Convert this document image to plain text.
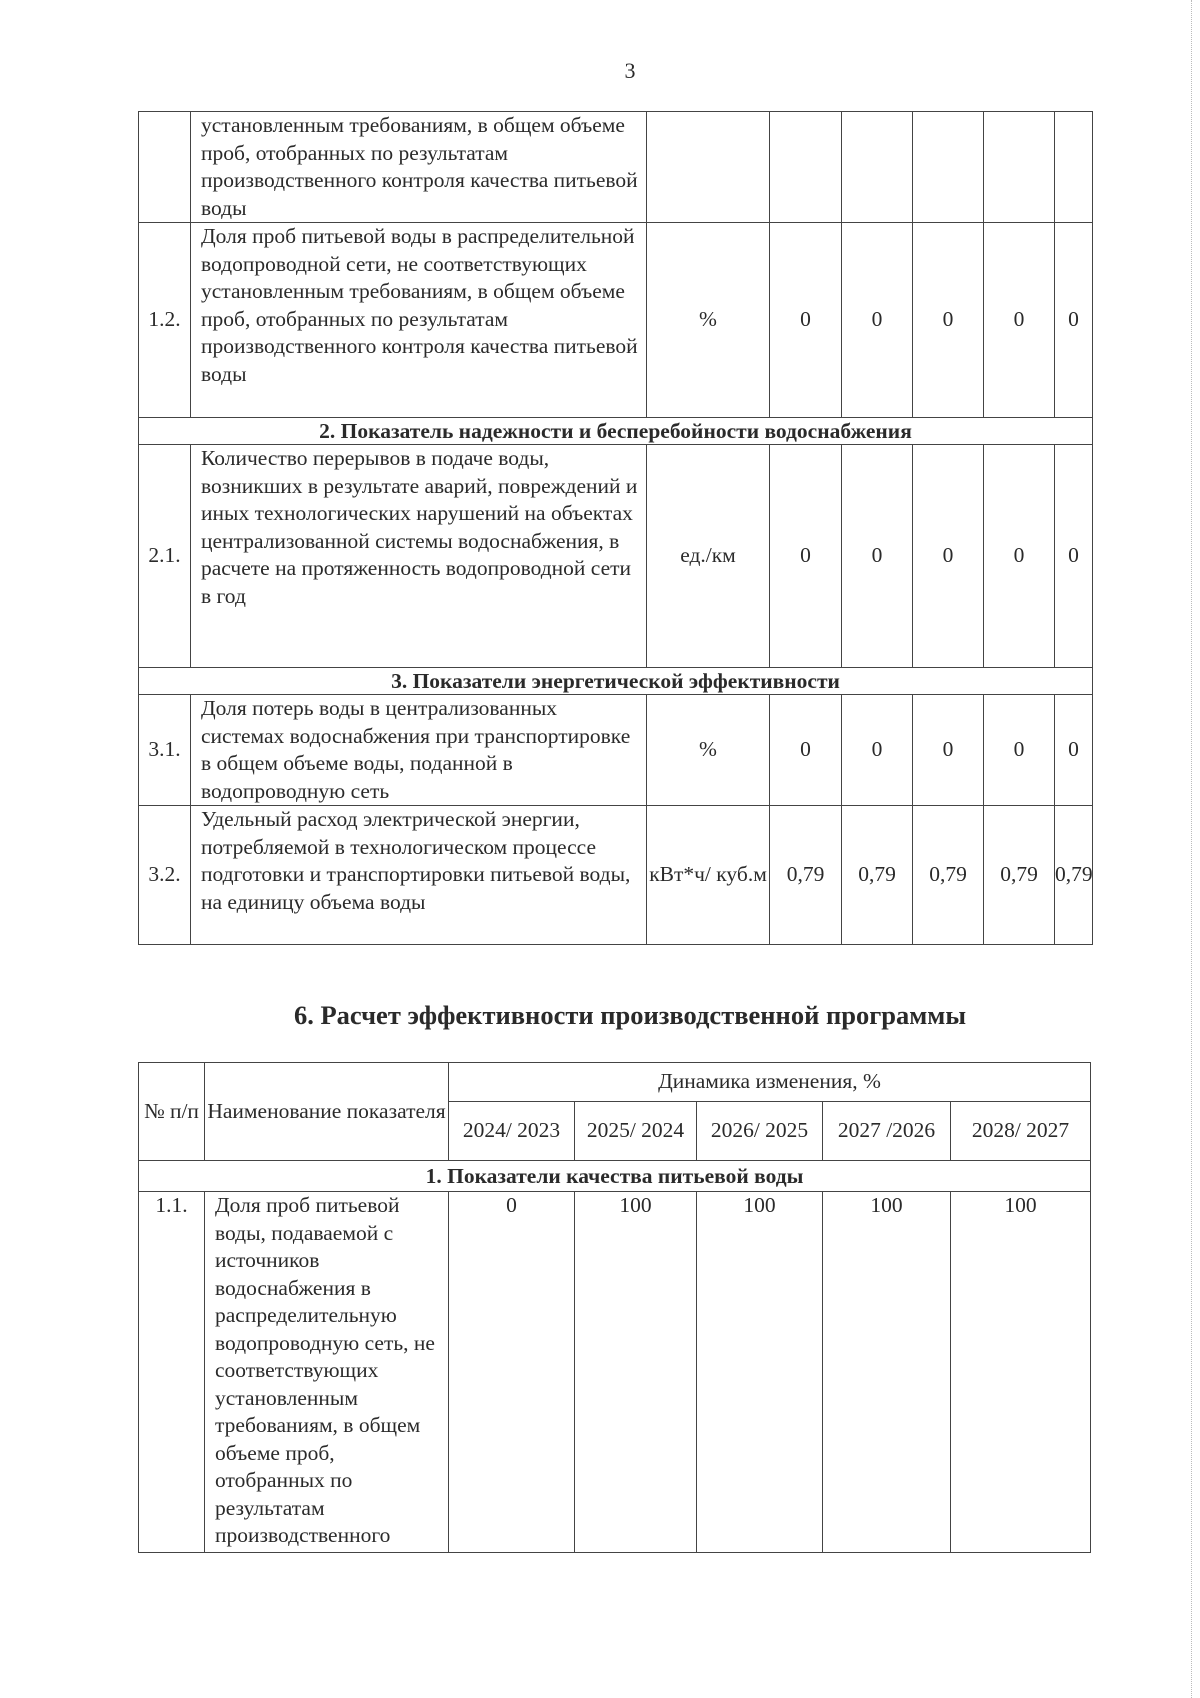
3
	установленным требованиям, в общем объеме проб, отобранных по результатам производственного контроля качества питьевой воды						
1.2.	Доля проб питьевой воды в распределительной водопроводной сети, не соответствующих установленным требованиям, в общем объеме проб, отобранных по результатам производственного контроля качества питьевой воды	%	0	0	0	0	0
2. Показатель надежности и бесперебойности водоснабжения							
2.1.	Количество перерывов в подаче воды, возникших в результате аварий, повреждений и иных технологических нарушений на объектах централизованной системы водоснабжения, в расчете на протяженность водопроводной сети в год	ед./км	0	0	0	0	0
3. Показатели энергетической эффективности							
3.1.	Доля потерь воды в централизованных системах водоснабжения при транспортировке в общем объеме воды, поданной в водопроводную сеть	%	0	0	0	0	0
3.2.	Удельный расход электрической энергии, потребляемой в технологическом процессе подготовки и транспортировки питьевой воды, на единицу объема воды	кВт*ч/ куб.м	0,79	0,79	0,79	0,79	0,79
6. Расчет эффективности производственной программы
№ п/п	Наименование показателя	Динамика изменения, %				
		2024/ 2023	2025/ 2024	2026/ 2025	2027 /2026	2028/ 2027
1. Показатели качества питьевой воды						
1.1.	Доля проб питьевой воды, подаваемой с источников водоснабжения в распределительную водопроводную сеть, не соответствующих установленным требованиям, в общем объеме проб, отобранных по результатам производственного	0	100	100	100	100
